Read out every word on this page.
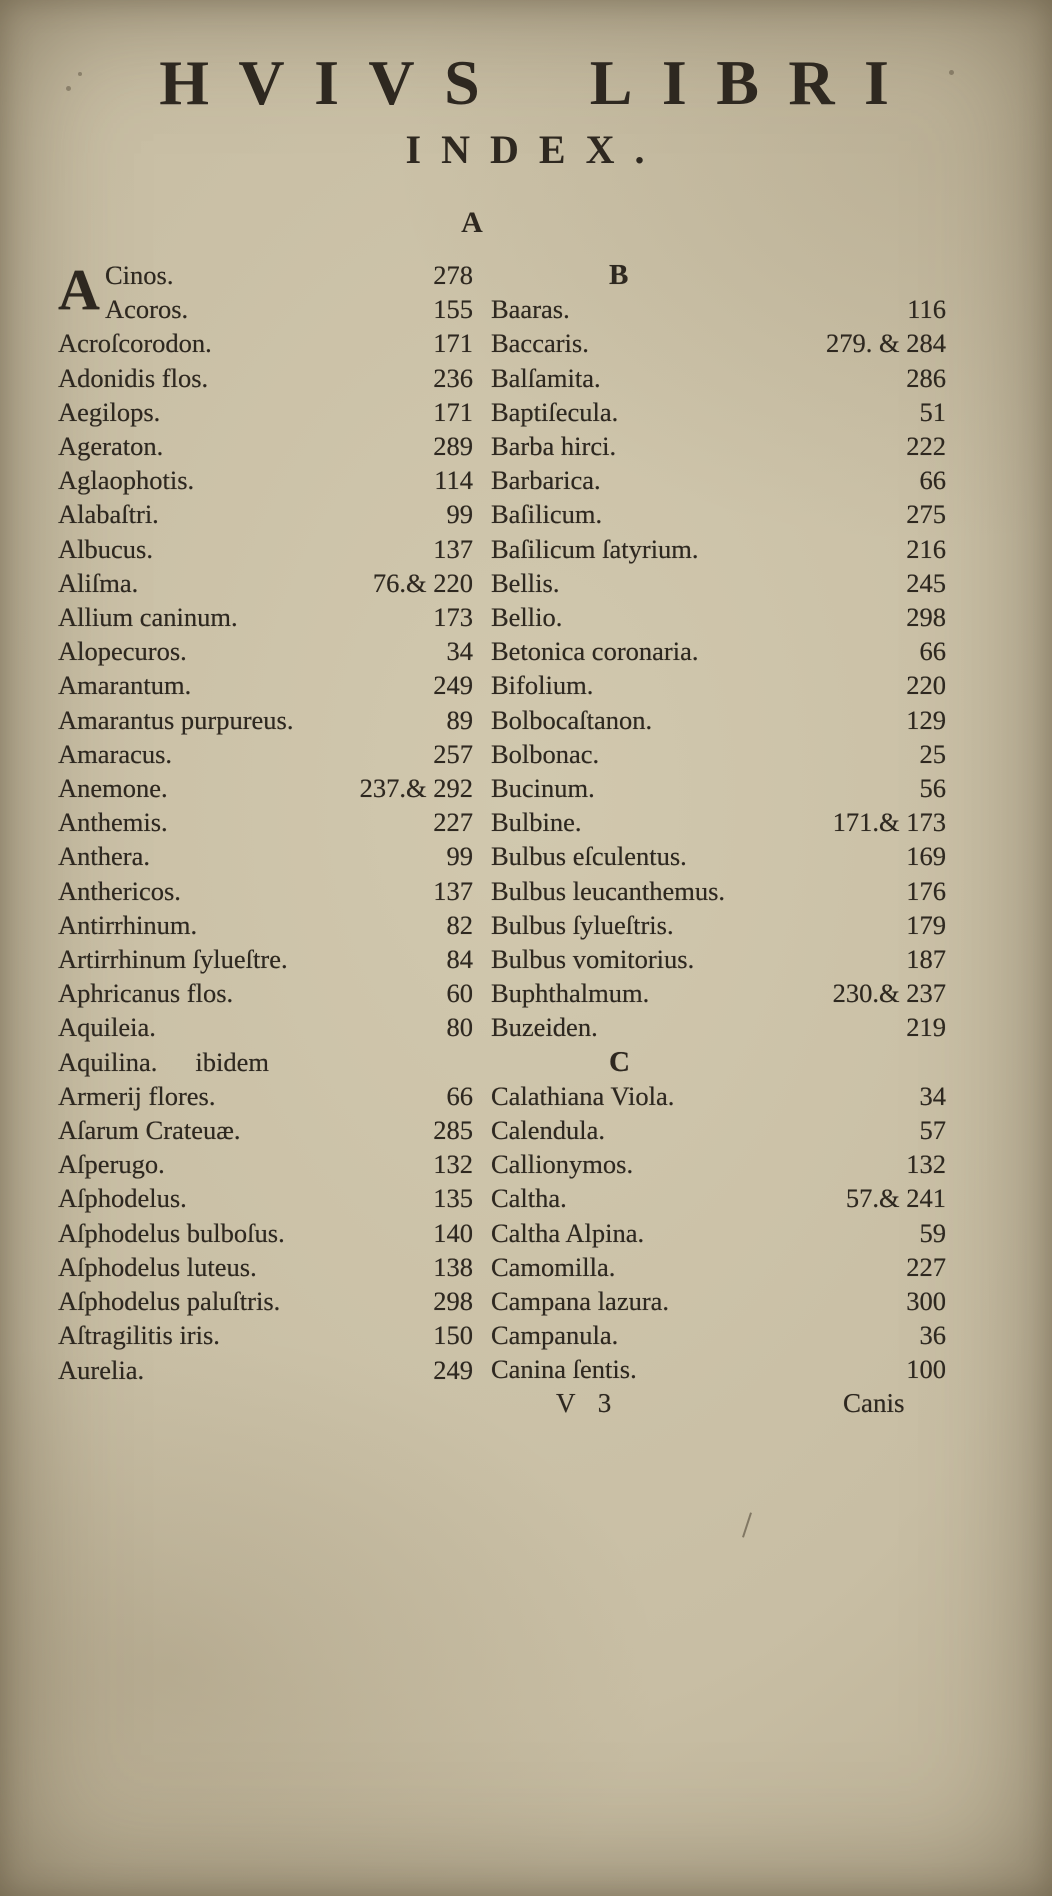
HVIVS LIBRI
INDEX.
A
A Cinos.	278
Acoros.	155
Acroſcorodon.	171
Adonidis flos.	236
Aegilops.	171
Ageraton.	289
Aglaophotis.	114
Alabaſtri.	99
Albucus.	137
Aliſma.	76.& 220
Allium caninum.	173
Alopecuros.	34
Amarantum.	249
Amarantus purpureus.	89
Amaracus.	257
Anemone.	237.& 292
Anthemis.	227
Anthera.	99
Anthericos.	137
Antirrhinum.	82
Artirrhinum ſylueſtre.	84
Aphricanus flos.	60
Aquileia.	80
Aquilina. ibidem
Armerij flores.	66
Aſarum Crateuæ.	285
Aſperugo.	132
Aſphodelus.	135
Aſphodelus bulboſus.	140
Aſphodelus luteus.	138
Aſphodelus paluſtris.	298
Aſtragilitis iris.	150
Aurelia.	249
B
Baaras.	116
Baccaris.	279. & 284
Balſamita.	286
Baptiſecula.	51
Barba hirci.	222
Barbarica.	66
Baſilicum.	275
Baſilicum ſatyrium.	216
Bellis.	245
Bellio.	298
Betonica coronaria.	66
Bifolium.	220
Bolbocaſtanon.	129
Bolbonac.	25
Bucinum.	56
Bulbine.	171.& 173
Bulbus eſculentus.	169
Bulbus leucanthemus.	176
Bulbus ſylueſtris.	179
Bulbus vomitorius.	187
Buphthalmum.	230.& 237
Buzeiden.	219
C
Calathiana Viola.	34
Calendula.	57
Callionymos.	132
Caltha.	57.& 241
Caltha Alpina.	59
Camomilla.	227
Campana lazura.	300
Campanula.	36
Canina ſentis.	100
V 3	Canis
